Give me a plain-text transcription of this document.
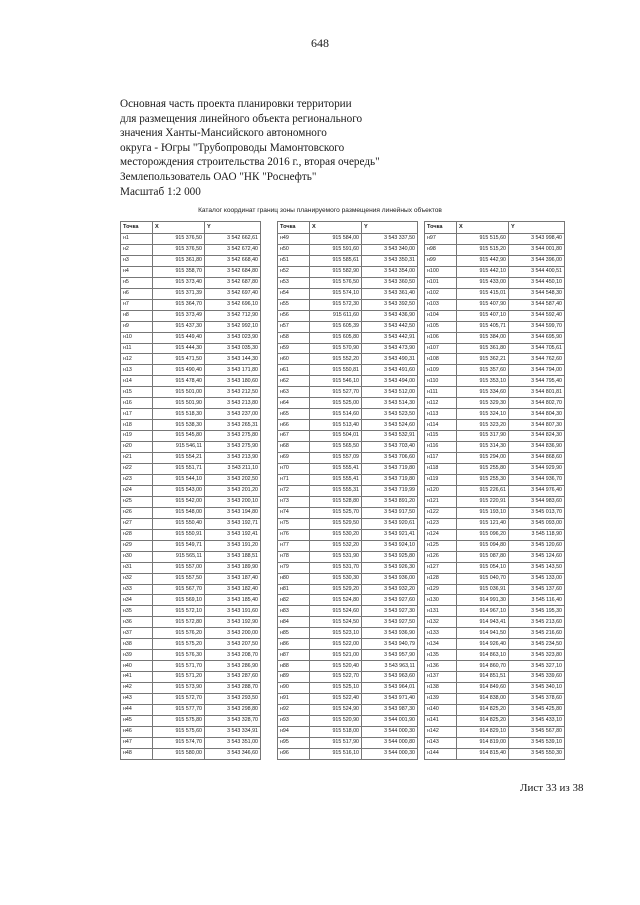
648
Основная часть проекта планировки территории
для размещения линейного объекта регионального
значения Ханты-Мансийского автономного
округа - Югры "Трубопроводы Мамонтовского
месторождения строительства 2016 г., вторая очередь"
Землепользователь ОАО "НК "Роснефть"
Масштаб 1:2 000
Каталог координат границ зоны планируемого размещения линейных объектов
Точка	X	Y
н1	915 376,50	3 542 662,61
н2	915 376,50	3 542 672,40
н3	915 361,80	3 542 668,40
н4	915 358,70	3 542 684,80
н5	915 373,40	3 542 687,80
н6	915 371,39	3 542 697,40
н7	915 364,70	3 542 696,10
н8	915 373,49	3 542 712,90
н9	915 437,30	3 542 992,10
н10	915 449,40	3 543 023,90
н11	915 444,30	3 543 035,30
н12	915 471,50	3 543 144,30
н13	915 490,40	3 543 171,80
н14	915 478,40	3 543 180,60
н15	915 501,00	3 543 212,50
н16	915 501,90	3 543 213,80
н17	915 518,30	3 543 237,00
н18	915 538,30	3 543 265,31
н19	915 545,80	3 543 275,80
н20	915 546,11	3 543 275,90
н21	915 554,21	3 543 213,90
н22	915 551,71	3 543 211,10
н23	915 544,10	3 543 202,50
н24	915 543,00	3 543 201,20
н25	915 542,00	3 543 200,10
н26	915 548,00	3 543 194,80
н27	915 550,40	3 543 192,71
н28	915 550,91	3 543 192,41
н29	915 549,71	3 543 191,20
н30	915 565,11	3 543 188,51
н31	915 557,00	3 543 189,90
н32	915 557,50	3 543 187,40
н33	915 567,70	3 543 182,40
н34	915 569,10	3 543 185,40
н35	915 572,10	3 543 191,60
н36	915 572,80	3 543 192,90
н37	915 576,20	3 543 200,00
н38	915 575,20	3 543 207,50
н39	915 576,30	3 543 208,70
н40	915 571,70	3 543 286,90
н41	915 571,20	3 543 287,60
н42	915 573,90	3 543 288,70
н43	915 572,70	3 543 293,50
н44	915 577,70	3 543 298,80
н45	915 575,80	3 543 328,70
н46	915 575,60	3 543 334,91
н47	915 574,70	3 543 351,00
н48	915 580,00	3 543 346,60
Точка	X	Y
н49	915 584,00	3 543 337,50
н50	915 591,60	3 543 340,00
н51	915 585,61	3 543 350,31
н52	915 582,90	3 543 354,00
н53	915 576,50	3 543 360,50
н54	915 574,10	3 543 361,40
н55	915 572,30	3 543 392,50
н56	915 611,60	3 543 436,90
н57	915 605,39	3 543 442,50
н58	915 605,80	3 543 442,91
н59	915 570,90	3 543 473,90
н60	915 552,20	3 543 490,31
н61	915 550,81	3 543 491,60
н62	915 546,10	3 543 494,00
н63	915 527,70	3 543 512,00
н64	915 525,00	3 543 514,30
н65	915 514,60	3 543 523,50
н66	915 513,40	3 543 524,60
н67	915 504,01	3 543 532,91
н68	915 565,50	3 543 703,40
н69	915 557,09	3 543 706,60
н70	915 555,41	3 543 719,80
н71	915 555,41	3 543 719,80
н72	915 555,31	3 543 719,99
н73	915 528,80	3 543 891,20
н74	915 525,70	3 543 917,50
н75	915 529,50	3 543 920,61
н76	915 530,20	3 543 921,41
н77	915 532,20	3 543 924,10
н78	915 531,90	3 543 925,80
н79	915 531,70	3 543 926,30
н80	915 530,30	3 543 936,00
н81	915 529,20	3 543 932,20
н82	915 524,80	3 543 927,60
н83	915 524,60	3 543 927,30
н84	915 524,50	3 543 927,50
н85	915 523,10	3 543 936,90
н86	915 522,00	3 543 940,79
н87	915 521,00	3 543 957,90
н88	915 520,40	3 543 963,11
н89	915 522,70	3 543 963,60
н90	915 525,10	3 543 964,01
н91	915 522,40	3 543 971,40
н92	915 524,90	3 543 987,30
н93	915 520,90	3 544 001,90
н94	915 518,00	3 544 000,30
н95	915 517,90	3 544 000,80
н96	915 516,10	3 544 000,30
Точка	X	Y
н97	915 515,60	3 543 998,40
н98	915 515,20	3 544 001,80
н99	915 442,90	3 544 396,00
н100	915 442,10	3 544 400,51
н101	915 433,00	3 544 450,10
н102	915 415,01	3 544 548,30
н103	915 407,90	3 544 587,40
н104	915 407,10	3 544 592,40
н105	915 405,71	3 544 599,70
н106	915 384,00	3 544 695,90
н107	915 361,80	3 544 705,61
н108	915 362,21	3 544 762,60
н109	915 357,60	3 544 794,00
н110	915 353,10	3 544 795,40
н111	915 334,60	3 544 801,81
н112	915 329,30	3 544 802,70
н113	915 324,10	3 544 804,30
н114	915 323,20	3 544 807,30
н115	915 317,90	3 544 824,30
н116	915 314,30	3 544 836,90
н117	915 294,00	3 544 868,60
н118	915 255,80	3 544 929,90
н119	915 255,30	3 544 936,70
н120	915 226,61	3 544 976,40
н121	915 220,91	3 544 983,60
н122	915 193,10	3 545 013,70
н123	915 121,40	3 545 093,00
н124	915 096,20	3 545 118,90
н125	915 094,80	3 545 120,60
н126	915 087,80	3 545 124,60
н127	915 054,10	3 545 143,50
н128	915 040,70	3 545 133,00
н129	915 036,91	3 545 137,60
н130	914 991,30	3 545 116,40
н131	914 967,10	3 545 195,30
н132	914 943,41	3 545 213,60
н133	914 941,50	3 545 216,60
н134	914 926,40	3 545 234,50
н135	914 863,10	3 545 323,80
н136	914 860,70	3 545 327,10
н137	914 851,51	3 545 339,60
н138	914 849,60	3 545 340,10
н139	914 838,00	3 545 378,60
н140	914 825,20	3 545 425,80
н141	914 825,20	3 545 433,10
н142	914 829,10	3 545 567,80
н143	914 819,00	3 545 539,10
н144	914 815,40	3 545 550,30
Лист 33 из 38
